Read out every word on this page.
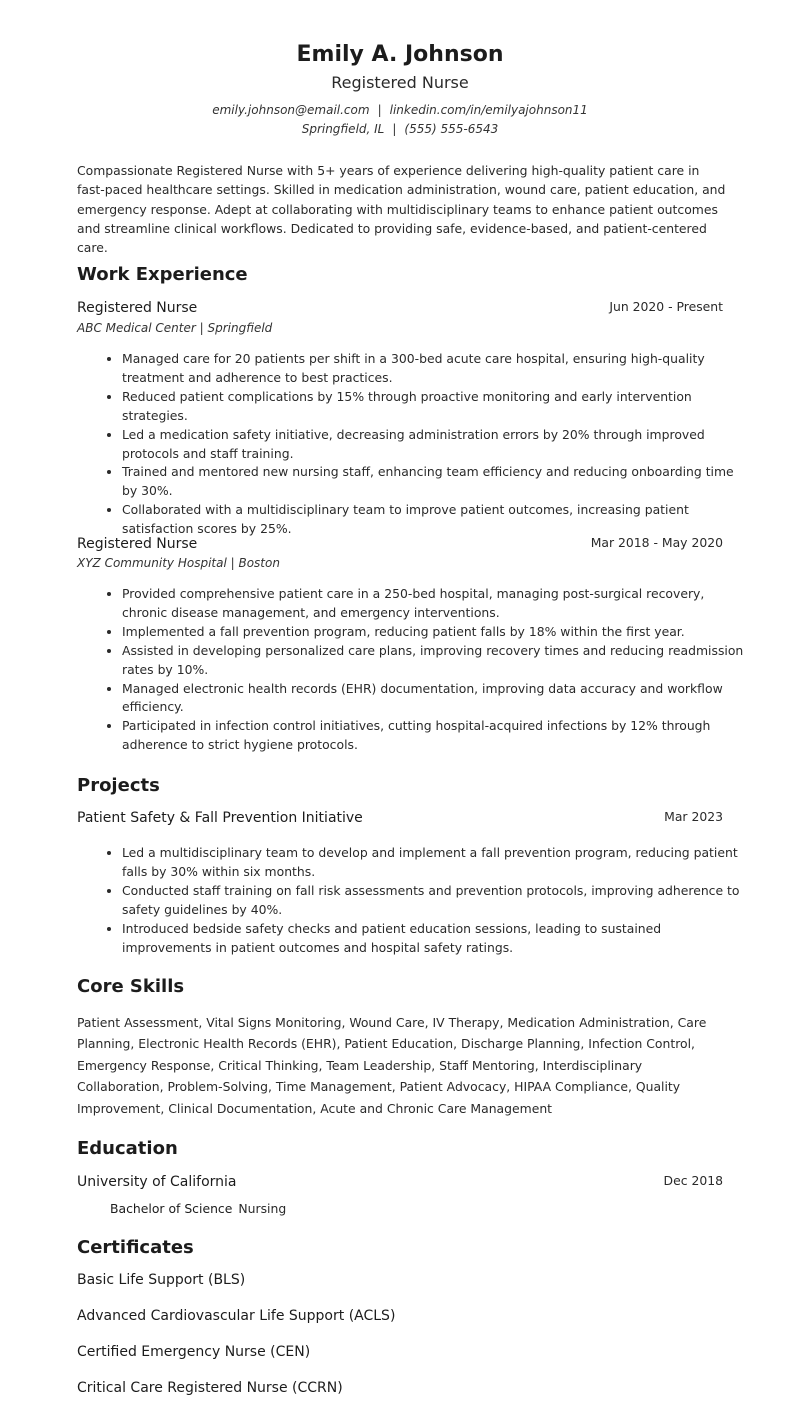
Emily A. Johnson
Registered Nurse
emily.johnson@email.com | linkedin.com/in/emilyajohnson11
Springfield, IL | (555) 555-6543
Compassionate Registered Nurse with 5+ years of experience delivering high-quality patient care in fast-paced healthcare settings. Skilled in medication administration, wound care, patient education, and emergency response. Adept at collaborating with multidisciplinary teams to enhance patient outcomes and streamline clinical workflows. Dedicated to providing safe, evidence-based, and patient-centered care.
Work Experience
Registered Nurse	Jun 2020 - Present
ABC Medical Center | Springfield
• Managed care for 20 patients per shift in a 300-bed acute care hospital, ensuring high-quality treatment and adherence to best practices.
• Reduced patient complications by 15% through proactive monitoring and early intervention strategies.
• Led a medication safety initiative, decreasing administration errors by 20% through improved protocols and staff training.
• Trained and mentored new nursing staff, enhancing team efficiency and reducing onboarding time by 30%.
• Collaborated with a multidisciplinary team to improve patient outcomes, increasing patient satisfaction scores by 25%.
Registered Nurse	Mar 2018 - May 2020
XYZ Community Hospital | Boston
• Provided comprehensive patient care in a 250-bed hospital, managing post-surgical recovery, chronic disease management, and emergency interventions.
• Implemented a fall prevention program, reducing patient falls by 18% within the first year.
• Assisted in developing personalized care plans, improving recovery times and reducing readmission rates by 10%.
• Managed electronic health records (EHR) documentation, improving data accuracy and workflow efficiency.
• Participated in infection control initiatives, cutting hospital-acquired infections by 12% through adherence to strict hygiene protocols.
Projects
Patient Safety & Fall Prevention Initiative	Mar 2023
• Led a multidisciplinary team to develop and implement a fall prevention program, reducing patient falls by 30% within six months.
• Conducted staff training on fall risk assessments and prevention protocols, improving adherence to safety guidelines by 40%.
• Introduced bedside safety checks and patient education sessions, leading to sustained improvements in patient outcomes and hospital safety ratings.
Core Skills
Patient Assessment, Vital Signs Monitoring, Wound Care, IV Therapy, Medication Administration, Care Planning, Electronic Health Records (EHR), Patient Education, Discharge Planning, Infection Control, Emergency Response, Critical Thinking, Team Leadership, Staff Mentoring, Interdisciplinary Collaboration, Problem-Solving, Time Management, Patient Advocacy, HIPAA Compliance, Quality Improvement, Clinical Documentation, Acute and Chronic Care Management
Education
University of California	Dec 2018
Bachelor of Science Nursing
Certificates
Basic Life Support (BLS)
Advanced Cardiovascular Life Support (ACLS)
Certified Emergency Nurse (CEN)
Critical Care Registered Nurse (CCRN)
